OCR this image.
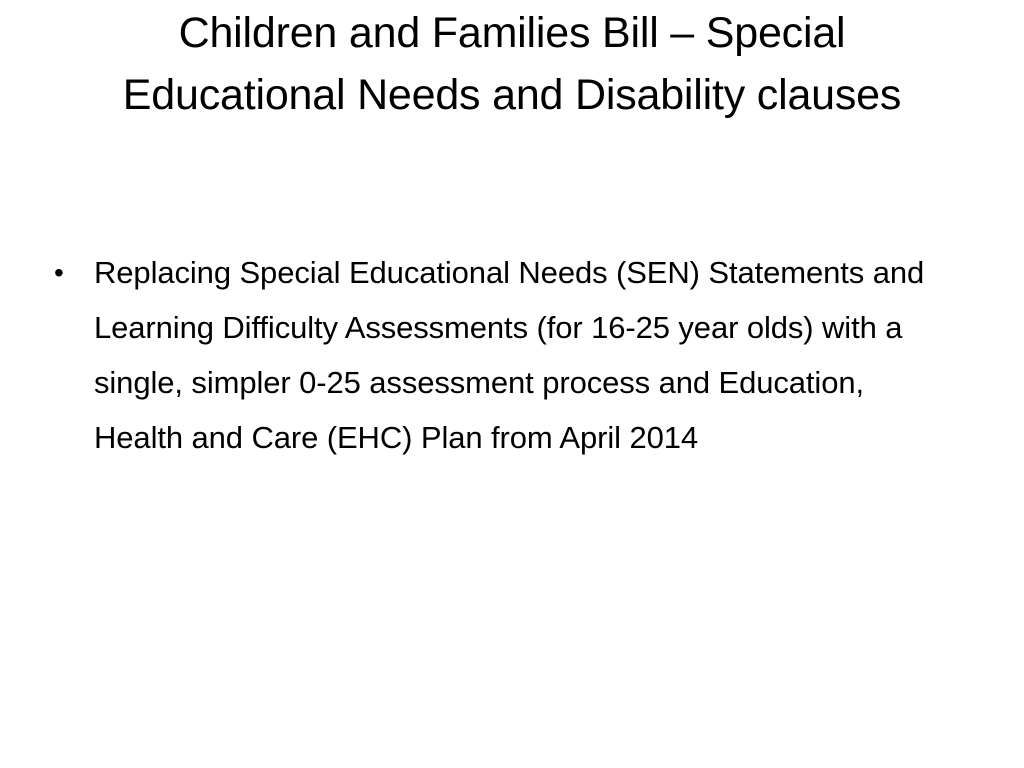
Children and Families Bill – Special Educational Needs and Disability clauses
• Replacing Special Educational Needs (SEN) Statements and Learning Difficulty Assessments (for 16-25 year olds) with a single, simpler 0-25 assessment process and Education, Health and Care (EHC) Plan from April 2014
